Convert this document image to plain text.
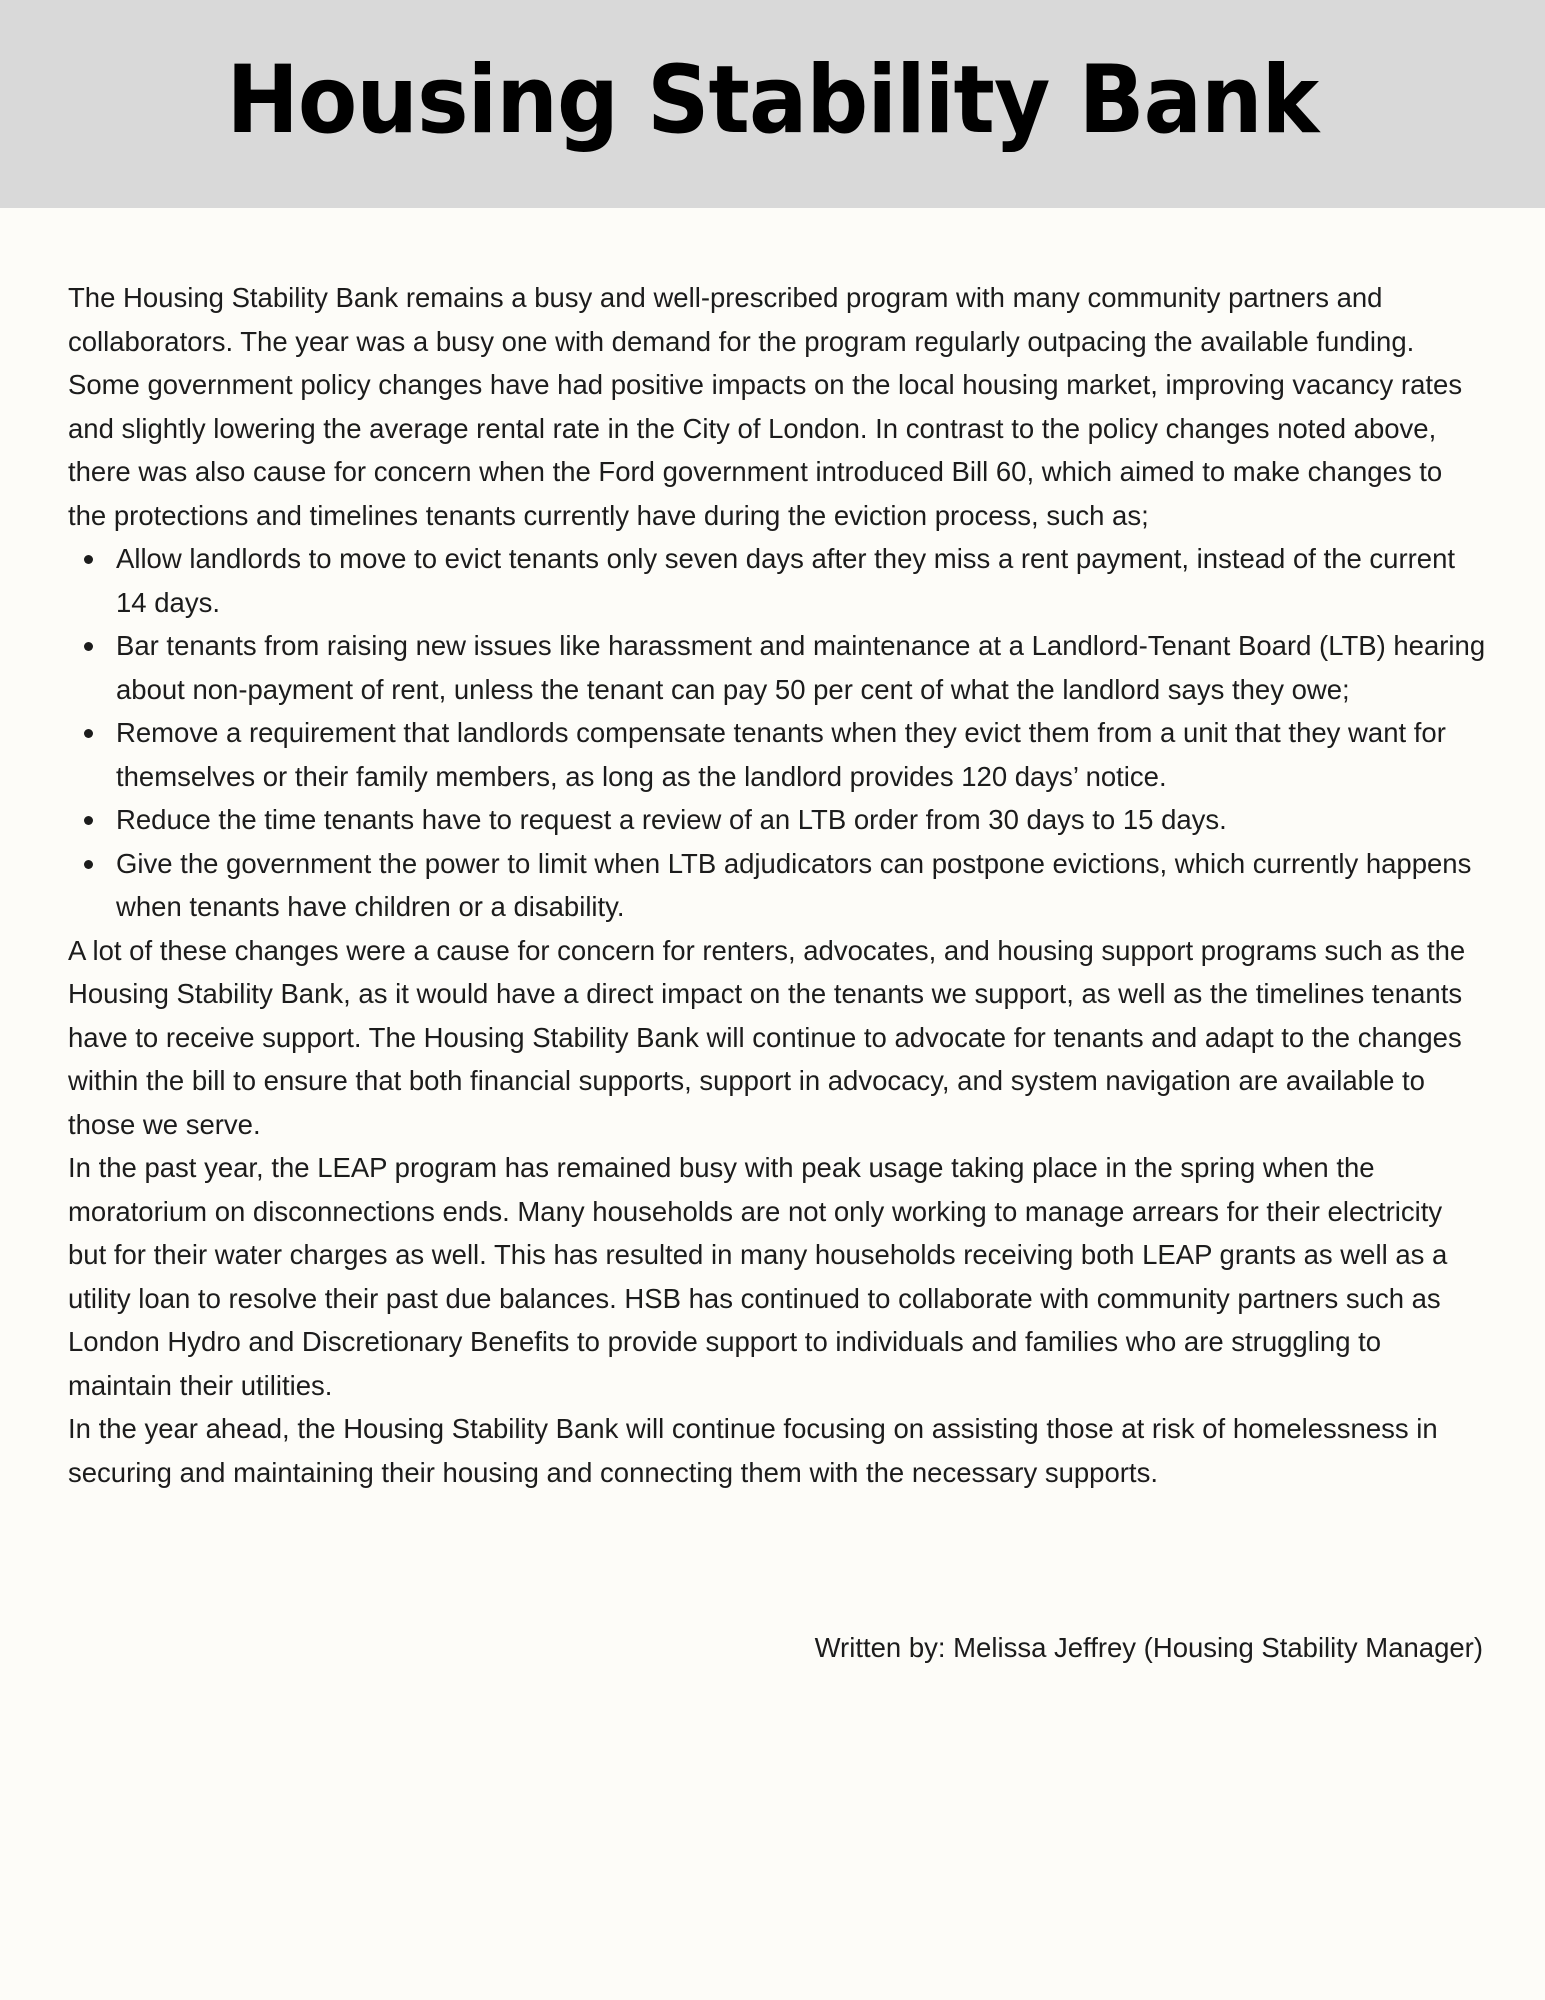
Housing Stability Bank

The Housing Stability Bank remains a busy and well-prescribed program with many community partners and collaborators. The year was a busy one with demand for the program regularly outpacing the available funding.

Some government policy changes have had positive impacts on the local housing market, improving vacancy rates and slightly lowering the average rental rate in the City of London. In contrast to the policy changes noted above, there was also cause for concern when the Ford government introduced Bill 60, which aimed to make changes to the protections and timelines tenants currently have during the eviction process, such as;

Allow landlords to move to evict tenants only seven days after they miss a rent payment, instead of the current 14 days.
Bar tenants from raising new issues like harassment and maintenance at a Landlord-Tenant Board (LTB) hearing about non-payment of rent, unless the tenant can pay 50 per cent of what the landlord says they owe;
Remove a requirement that landlords compensate tenants when they evict them from a unit that they want for themselves or their family members, as long as the landlord provides 120 days’ notice.
Reduce the time tenants have to request a review of an LTB order from 30 days to 15 days.
Give the government the power to limit when LTB adjudicators can postpone evictions, which currently happens when tenants have children or a disability.

A lot of these changes were a cause for concern for renters, advocates, and housing support programs such as the Housing Stability Bank, as it would have a direct impact on the tenants we support, as well as the timelines tenants have to receive support. The Housing Stability Bank will continue to advocate for tenants and adapt to the changes within the bill to ensure that both financial supports, support in advocacy, and system navigation are available to those we serve.

In the past year, the LEAP program has remained busy with peak usage taking place in the spring when the moratorium on disconnections ends. Many households are not only working to manage arrears for their electricity but for their water charges as well. This has resulted in many households receiving both LEAP grants as well as a utility loan to resolve their past due balances. HSB has continued to collaborate with community partners such as London Hydro and Discretionary Benefits to provide support to individuals and families who are struggling to maintain their utilities.

In the year ahead, the Housing Stability Bank will continue focusing on assisting those at risk of homelessness in securing and maintaining their housing and connecting them with the necessary supports.

Written by: Melissa Jeffrey (Housing Stability Manager)
